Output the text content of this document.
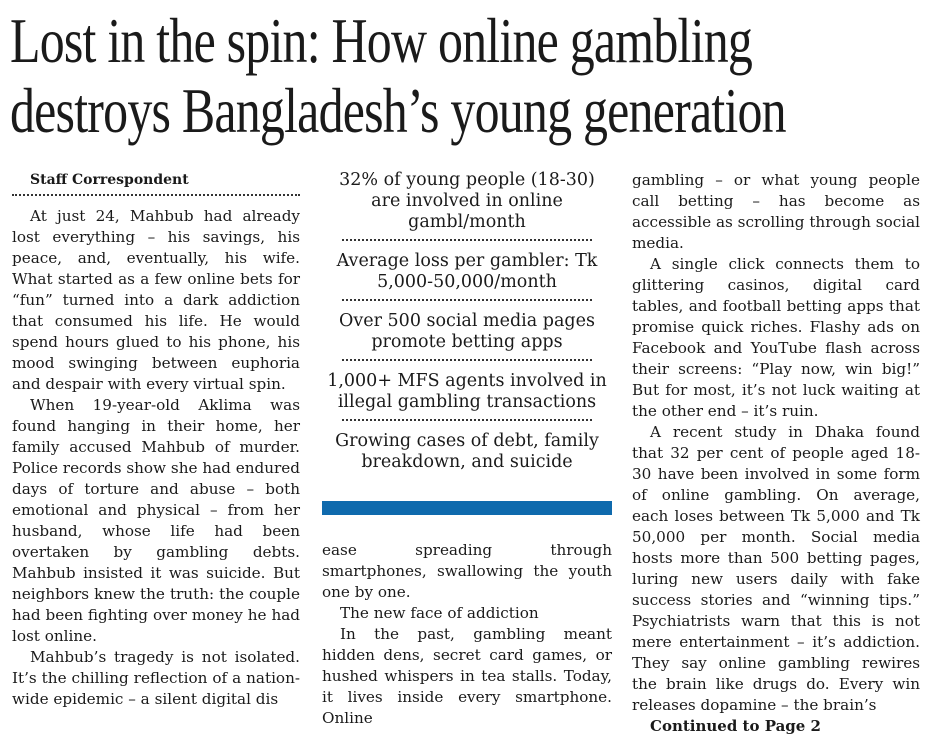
Lost in the spin: How online gambling
destroys Bangladesh’s young generation

Staff Correspondent

At just 24, Mahbub had already lost everything – his savings, his peace, and, eventually, his wife. What started as a few online bets for “fun” turned into a dark addiction that consumed his life. He would spend hours glued to his phone, his mood swinging between euphoria and despair with every virtual spin.

When 19-year-old Aklima was found hanging in their home, her family accused Mahbub of murder. Police records show she had endured days of torture and abuse – both emotional and physical – from her husband, whose life had been overtaken by gambling debts. Mahbub insisted it was suicide. But neighbors knew the truth: the couple had been fighting over money he had lost online.

Mahbub’s tragedy is not isolated. It’s the chilling reflection of a nationwide epidemic – a silent digital dis

32% of young people (18-30) are involved in online gambl/month
Average loss per gambler: Tk 5,000-50,000/month
Over 500 social media pages promote betting apps
1,000+ MFS agents involved in illegal gambling transactions
Growing cases of debt, family breakdown, and suicide

ease spreading through smartphones, swallowing the youth one by one.

The new face of addiction

In the past, gambling meant hidden dens, secret card games, or hushed whispers in tea stalls. Today, it lives inside every smartphone. Online

gambling – or what young people call betting – has become as accessible as scrolling through social media.

A single click connects them to glittering casinos, digital card tables, and football betting apps that promise quick riches. Flashy ads on Facebook and YouTube flash across their screens: “Play now, win big!” But for most, it’s not luck waiting at the other end – it’s ruin.

A recent study in Dhaka found that 32 per cent of people aged 18-30 have been involved in some form of online gambling. On average, each loses between Tk 5,000 and Tk 50,000 per month. Social media hosts more than 500 betting pages, luring new users daily with fake success stories and “winning tips.” Psychiatrists warn that this is not mere entertainment – it’s addiction. They say online gambling rewires the brain like drugs do. Every win releases dopamine – the brain’s

Continued to Page 2
